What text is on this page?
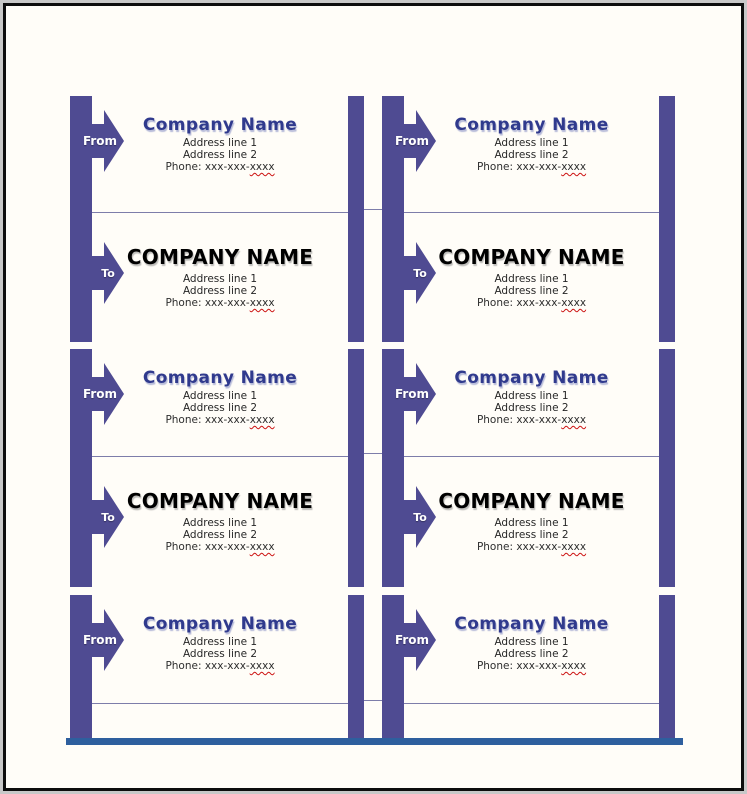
From
Company Name
Address line 1
Address line 2
Phone: xxx-xxx-xxxx
To
COMPANY NAME
Address line 1
Address line 2
Phone: xxx-xxx-xxxx
From
Company Name
Address line 1
Address line 2
Phone: xxx-xxx-xxxx
To
COMPANY NAME
Address line 1
Address line 2
Phone: xxx-xxx-xxxx
From
Company Name
Address line 1
Address line 2
Phone: xxx-xxx-xxxx
From
Company Name
Address line 1
Address line 2
Phone: xxx-xxx-xxxx
To
COMPANY NAME
Address line 1
Address line 2
Phone: xxx-xxx-xxxx
From
Company Name
Address line 1
Address line 2
Phone: xxx-xxx-xxxx
To
COMPANY NAME
Address line 1
Address line 2
Phone: xxx-xxx-xxxx
From
Company Name
Address line 1
Address line 2
Phone: xxx-xxx-xxxx
